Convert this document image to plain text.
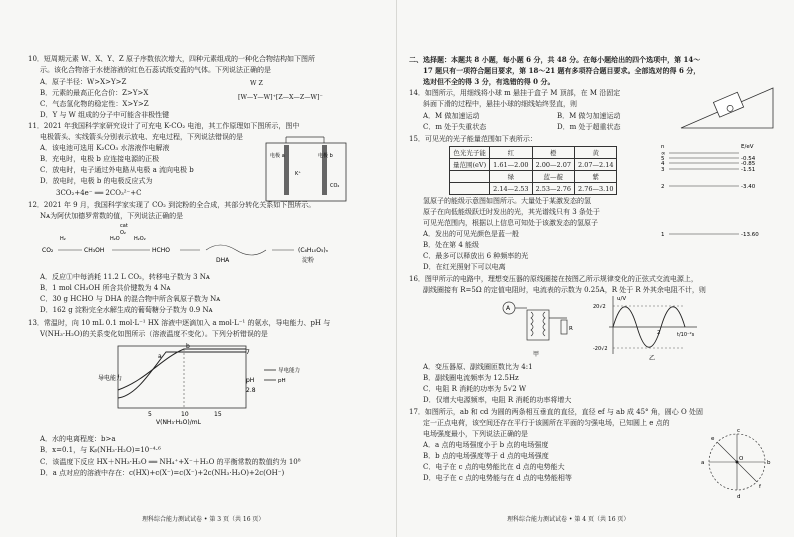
10．短周期元素 W、X、Y、Z 原子序数依次增大，四种元素组成的一种化合物结构如下图所
示。该化合物溶于水使溶液的红色石蕊试纸变蓝的气体。下列说法正确的是
A．原子半径：W>X>Y>Z
B．元素的最高正化合价：Z>Y>X
C．气态氢化物的稳定性：X>Y>Z
D．Y 与 W 组成的分子中可能含非极性键
W Z
[W—Y—W]⁺[Z—X—Z—W]⁻
11．2021 年我国科学家研究设计了可充电 K-CO₂ 电池，其工作原理如下图所示，图中
电极箭头、实线箭头分别表示放电、充电过程，下列说法错误的是
A．该电池可选用 K₂CO₃ 水溶液作电解液
B．充电时，电极 b 应连接电源的正极
C．放电时，电子通过外电路从电极 a 流向电极 b
D．放电时，电极 b 的电极反应式为
3CO₂+4e⁻ ══ 2CO₃²⁻+C
电极 a	电极 b
K⁺
CO₂
12．2021 年 9 月，我国科学家实现了 CO₂ 到淀粉的全合成，其部分转化关系如下图所示。
Nᴀ为阿伏加德罗常数的值，下列说法正确的是
CO₂	CH₃OH	HCHO
DHA
(C₆H₁₀O₅)ₙ
淀粉
H₂	H₂O
O₂
H₂O₂
cat
A．反应①中每消耗 11.2 L CO₂，转移电子数为 3 Nᴀ
B．1 mol CH₃OH 所含共价键数为 4 Nᴀ
C．30 g HCHO 与 DHA 的混合物中所含氧原子数为 Nᴀ
D．162 g 淀粉完全水解生成的葡萄糖分子数为 0.9 Nᴀ
13．常温时，向 10 mL 0.1 mol·L⁻¹ HX 溶液中逐滴加入 a mol·L⁻¹ 的氨水，导电能力、pH 与
V(NH₃·H₂O)的关系变化如图所示（溶液温度不变化）。下列分析错误的是
7
2.8
a
b
5	10	15
V(NH₃·H₂O)/mL
导电能力	pH
导电能力
pH
A．水的电离程度：b>a
B．x=0.1，与 Kᵦ(NH₃·H₂O)=10⁻⁴·⁶
C．该温度下反应 HX＋NH₃·H₂O ══ NH₄⁺+X⁻＋H₂O 的平衡常数的数值约为 10⁸
D．a 点对应的溶液中存在：c(HX)+c(X⁻)=c(X⁻)+2c(NH₃·H₂O)+2c(OH⁻)
理科综合能力测试试卷 • 第 3 页（共 16 页）
二、选择题：本题共 8 小题，每小题 6 分，共 48 分。在每小题给出的四个选项中，第 14～
17 题只有一项符合题目要求，第 18～21 题有多项符合题目要求。全部选对的得 6 分，
选对但不全的得 3 分，有选错的得 0 分。
14．如图所示，用细线将小球 m 悬挂于盒子 M 顶部，在 M 沿固定
斜面下滑的过程中，悬挂小球的细线始终竖直，则
A．M 做加速运动	B．M 做匀加速运动
C．m 处于失重状态	D．m 处于超重状态
15．可见光的光子能量范围如下表所示：
色光光子能	红	橙	黄
量范围(eV)	1.61—2.00	2.00—2.07	2.07—2.14
	绿	蓝—靛	紫
	2.14—2.53	2.53—2.76	2.76—3.10
n	E/eV
∞
5	-0.54
4	-0.85
3	-1.51
2	-3.40
1	-13.60
氢原子的能级示意图如图所示。大量处于某激发态的氢
原子在向低能级跃迁时发出的光，其光谱线只有 3 条处于
可见光范围内，根据以上信息可知处于该激发态的氢原子
A．发出的可见光颜色是蓝一般
B．处在第 4 能级
C．最多可以释放出 6 种频率的光
D．在红光照射下可以电离
16．图甲所示的电路中，理想变压器的原线圈接在按图乙所示规律变化的正弦式交流电源上，
副线圈接有 R=5Ω 的定值电阻时，电流表的示数为 0.25A，R 处于 R 外其余电阻不计，则
A
R
甲
u/V
20√2
-20√2
2	t/10⁻²s
乙
A．变压器原、副线圈匝数比为 4:1
B．副线圈电流频率为 12.5Hz
C．电阻 R 消耗的功率为 5√2 W
D．仅增大电源频率，电阻 R 消耗的功率将增大
17．如图所示，ab 和 cd 为圆的两条相互垂直的直径，直径 ef 与 ab 成 45° 角，圆心 O 处固
定一正点电荷，该空间还存在平行于该圆所在平面的匀强电场，已知圆上 e 点的
电场强度最小，下列说法正确的是
A．a 点的电场强度小于 b 点的电场强度
B．b 点的电场强度等于 d 点的电场强度
C．电子在 c 点的电势能比在 d 点的电势能大
D．电子在 c 点的电势能与在 d 点的电势能相等
c
a	b
d
e
f
O
理科综合能力测试试卷 • 第 4 页（共 16 页）
